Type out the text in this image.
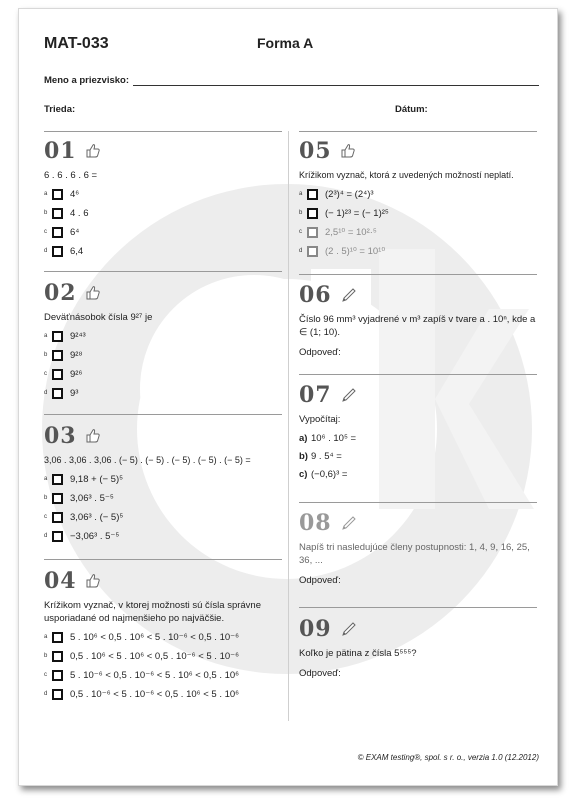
MAT-033	Forma A
Meno a priezvisko:
Trieda:	Dátum:
01
6 . 6 . 6 . 6 =
a	4⁶
b	4 . 6
c	6⁴
d	6,4
02
Deväťnásobok čísla 9²⁷ je
a	9²⁴³
b	9²⁸
c	9²⁶
d	9³
03
3,06 . 3,06 . 3,06 . (− 5) . (− 5) . (− 5) . (− 5) . (− 5) =
a	9,18 + (− 5)⁵
b	3,06³ . 5⁻⁵
c	3,06³ . (− 5)⁵
d	−3,06³ . 5⁻⁵
04
Krížikom vyznač, v ktorej možnosti sú čísla správne usporiadané od najmenšieho po najväčšie.
a	5 . 10⁶ < 0,5 . 10⁶ < 5 . 10⁻⁶ < 0,5 . 10⁻⁶
b	0,5 . 10⁶ < 5 . 10⁶ < 0,5 . 10⁻⁶ < 5 . 10⁻⁶
c	5 . 10⁻⁶ < 0,5 . 10⁻⁶ < 5 . 10⁶ < 0,5 . 10⁶
d	0,5 . 10⁻⁶ < 5 . 10⁻⁶ < 0,5 . 10⁶ < 5 . 10⁶
05
Krížikom vyznač, ktorá z uvedených možností neplatí.
a	(2³)⁴ = (2⁴)³
b	(− 1)²³ = (− 1)²⁵
c	2,5¹⁰ = 10²·⁵
d	(2 . 5)¹⁰ = 10¹⁰
06
Číslo 96 mm³ vyjadrené v m³ zapíš v tvare a . 10ⁿ, kde a ∈ (1; 10).
Odpoveď:
07
Vypočítaj:
a) 10⁶ . 10⁵ =
b) 9 . 5⁴ =
c) (−0,6)³ =
08
Napíš tri nasledujúce členy postupnosti: 1, 4, 9, 16, 25, 36, ...
Odpoveď:
09
Koľko je pätina z čísla 5⁵⁵⁵?
Odpoveď:
© EXAM testing®, spol. s r. o., verzia 1.0 (12.2012)
